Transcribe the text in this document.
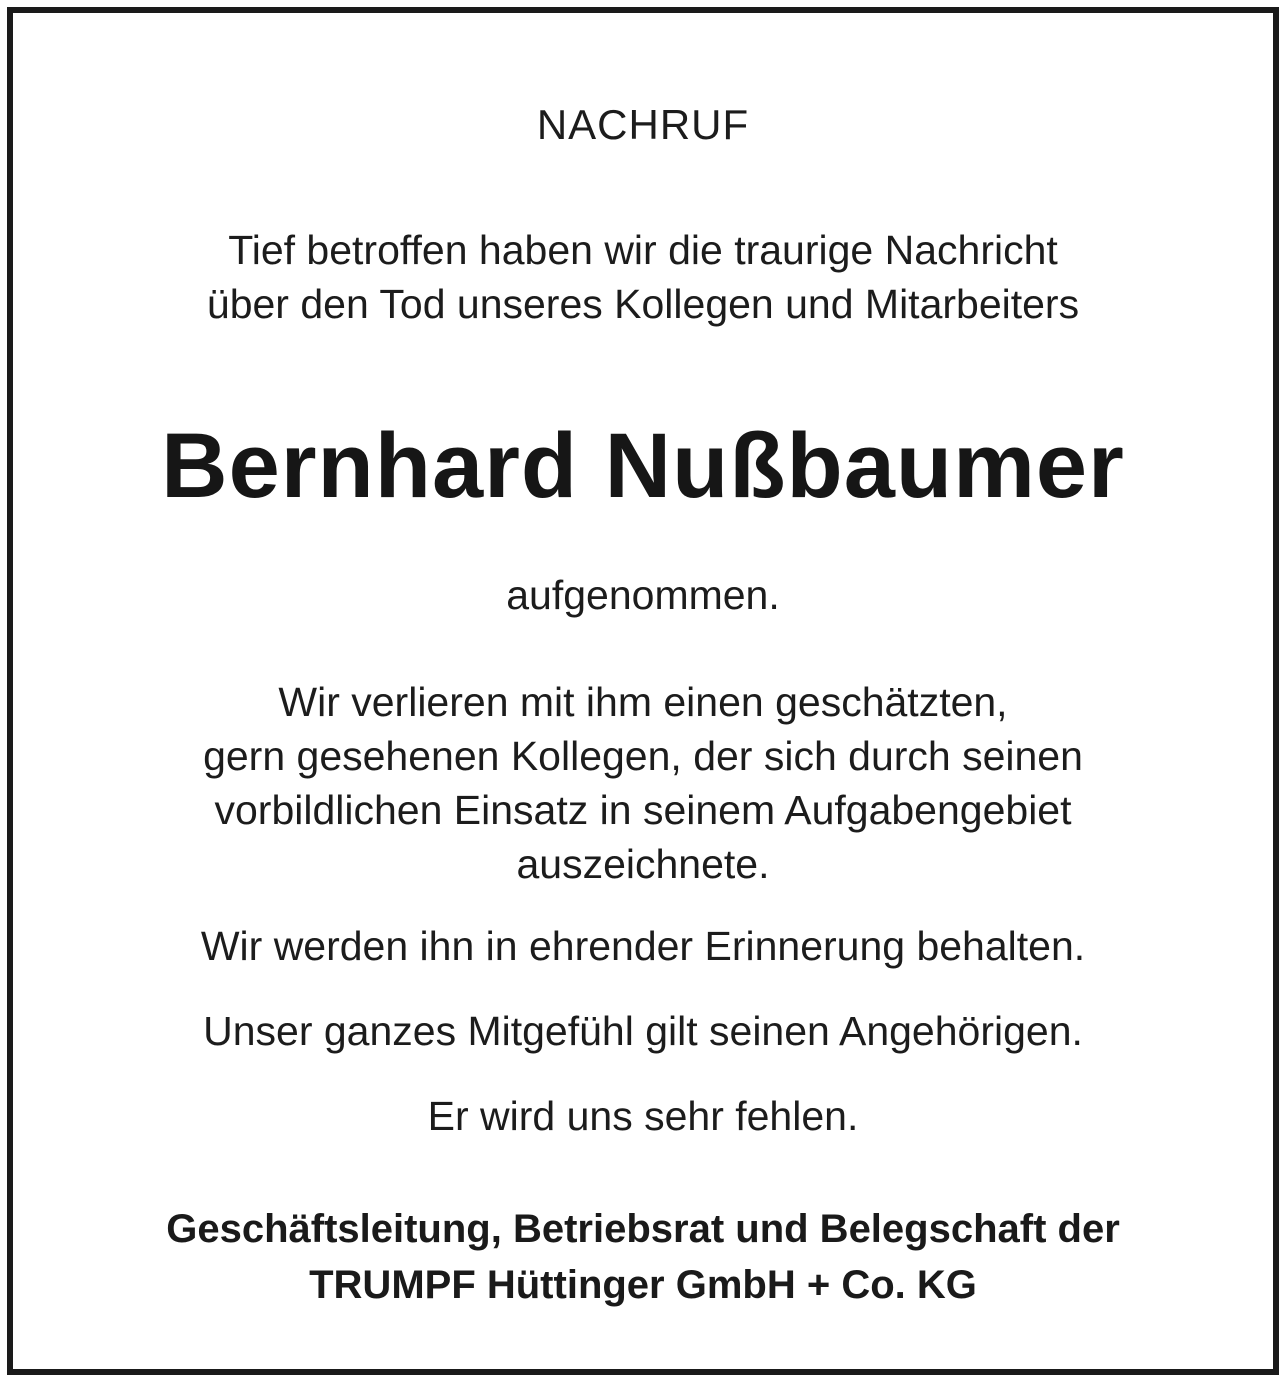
NACHRUF
Tief betroffen haben wir die traurige Nachricht
über den Tod unseres Kollegen und Mitarbeiters
Bernhard Nußbaumer
aufgenommen.
Wir verlieren mit ihm einen geschätzten,
gern gesehenen Kollegen, der sich durch seinen
vorbildlichen Einsatz in seinem Aufgabengebiet
auszeichnete.
Wir werden ihn in ehrender Erinnerung behalten.
Unser ganzes Mitgefühl gilt seinen Angehörigen.
Er wird uns sehr fehlen.
Geschäftsleitung, Betriebsrat und Belegschaft der
TRUMPF Hüttinger GmbH + Co. KG
